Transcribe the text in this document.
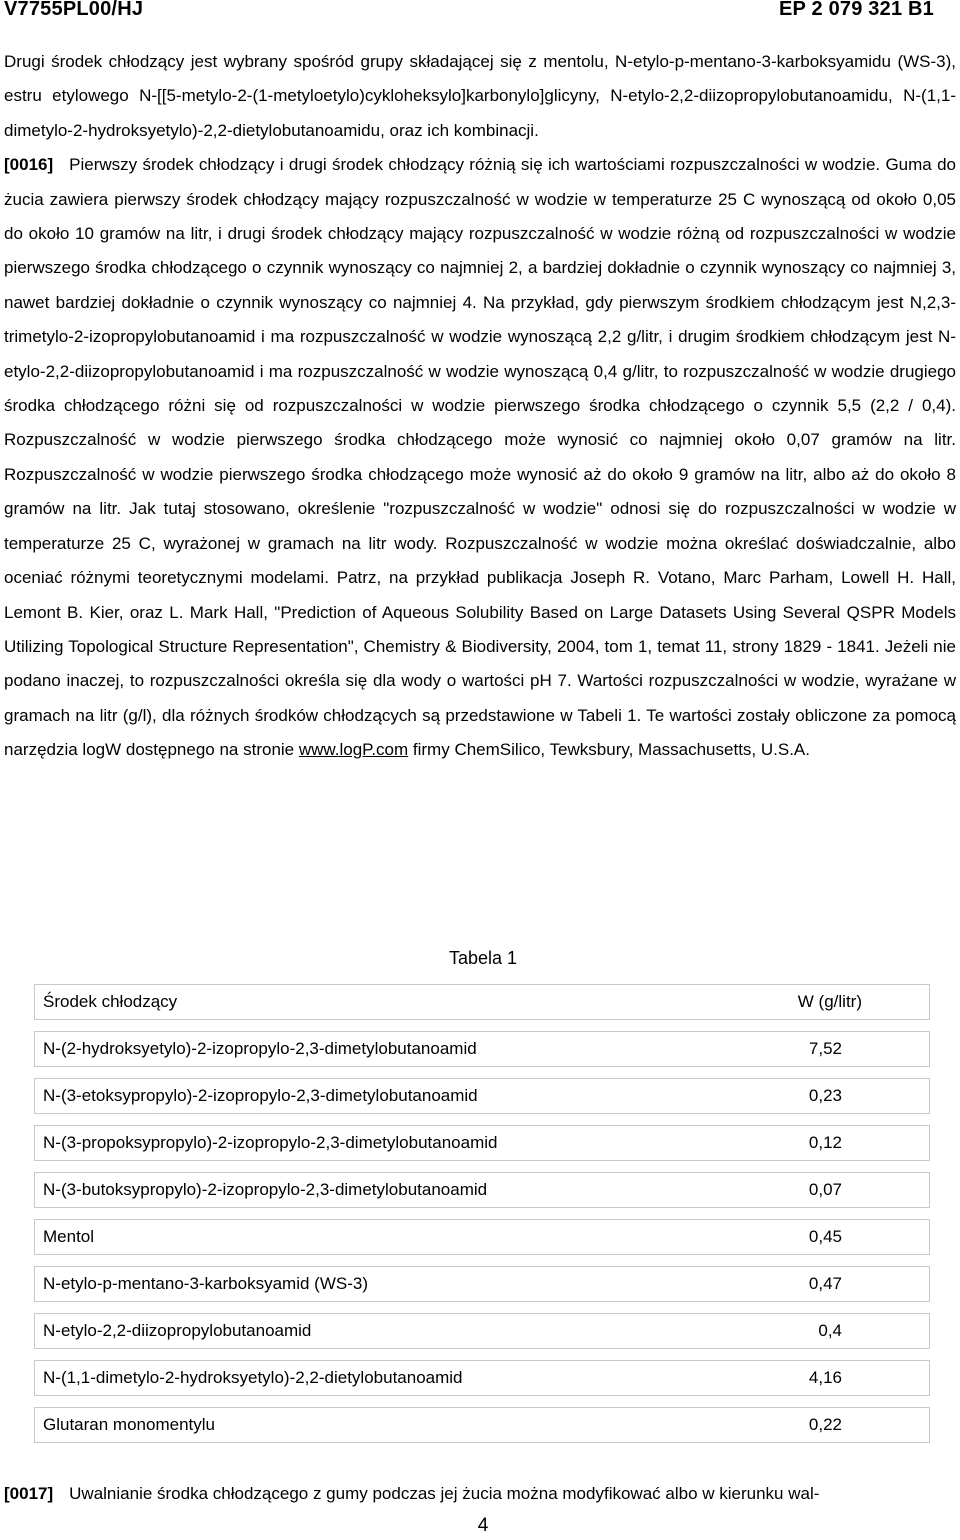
V7755PL00/HJ	EP 2 079 321 B1

Drugi środek chłodzący jest wybrany spośród grupy składającej się z mentolu, N-etylo-p-mentano-3-karboksyamidu (WS-3), estru etylowego N-[[5-metylo-2-(1-metyloetylo)cykloheksylo]karbonylo]glicyny, N-etylo-2,2-diizopropylobutanoamidu, N-(1,1-dimetylo-2-hydroksyetylo)-2,2-dietylobutanoamidu, oraz ich kombinacji.

[0016] Pierwszy środek chłodzący i drugi środek chłodzący różnią się ich wartościami rozpuszczalności w wodzie. Guma do żucia zawiera pierwszy środek chłodzący mający rozpuszczalność w wodzie w temperaturze 25 C wynoszącą od około 0,05 do około 10 gramów na litr, i drugi środek chłodzący mający rozpuszczalność w wodzie różną od rozpuszczalności w wodzie pierwszego środka chłodzącego o czynnik wynoszący co najmniej 2, a bardziej dokładnie o czynnik wynoszący co najmniej 3, nawet bardziej dokładnie o czynnik wynoszący co najmniej 4. Na przykład, gdy pierwszym środkiem chłodzącym jest N,2,3-trimetylo-2-izopropylobutanoamid i ma rozpuszczalność w wodzie wynoszącą 2,2 g/litr, i drugim środkiem chłodzącym jest N-etylo-2,2-diizopropylobutanoamid i ma rozpuszczalność w wodzie wynoszącą 0,4 g/litr, to rozpuszczalność w wodzie drugiego środka chłodzącego różni się od rozpuszczalności w wodzie pierwszego środka chłodzącego o czynnik 5,5 (2,2 / 0,4). Rozpuszczalność w wodzie pierwszego środka chłodzącego może wynosić co najmniej około 0,07 gramów na litr. Rozpuszczalność w wodzie pierwszego środka chłodzącego może wynosić aż do około 9 gramów na litr, albo aż do około 8 gramów na litr. Jak tutaj stosowano, określenie "rozpuszczalność w wodzie" odnosi się do rozpuszczalności w wodzie w temperaturze 25 C, wyrażonej w gramach na litr wody. Rozpuszczalność w wodzie można określać doświadczalnie, albo oceniać różnymi teoretycznymi modelami. Patrz, na przykład publikacja Joseph R. Votano, Marc Parham, Lowell H. Hall, Lemont B. Kier, oraz L. Mark Hall, "Prediction of Aqueous Solubility Based on Large Datasets Using Several QSPR Models Utilizing Topological Structure Representation", Chemistry & Biodiversity, 2004, tom 1, temat 11, strony 1829 - 1841. Jeżeli nie podano inaczej, to rozpuszczalności określa się dla wody o wartości pH 7. Wartości rozpuszczalności w wodzie, wyrażane w gramach na litr (g/l), dla różnych środków chłodzących są przedstawione w Tabeli 1. Te wartości zostały obliczone za pomocą narzędzia logW dostępnego na stronie www.logP.com firmy ChemSilico, Tewksbury, Massachusetts, U.S.A.

Tabela 1
Środek chłodzący	W (g/litr)
N-(2-hydroksyetylo)-2-izopropylo-2,3-dimetylobutanoamid	7,52
N-(3-etoksypropylo)-2-izopropylo-2,3-dimetylobutanoamid	0,23
N-(3-propoksypropylo)-2-izopropylo-2,3-dimetylobutanoamid	0,12
N-(3-butoksypropylo)-2-izopropylo-2,3-dimetylobutanoamid	0,07
Mentol	0,45
N-etylo-p-mentano-3-karboksyamid (WS-3)	0,47
N-etylo-2,2-diizopropylobutanoamid	0,4
N-(1,1-dimetylo-2-hydroksyetylo)-2,2-dietylobutanoamid	4,16
Glutaran monomentylu	0,22
[0017] Uwalnianie środka chłodzącego z gumy podczas jej żucia można modyfikować albo w kierunku wal-
4
